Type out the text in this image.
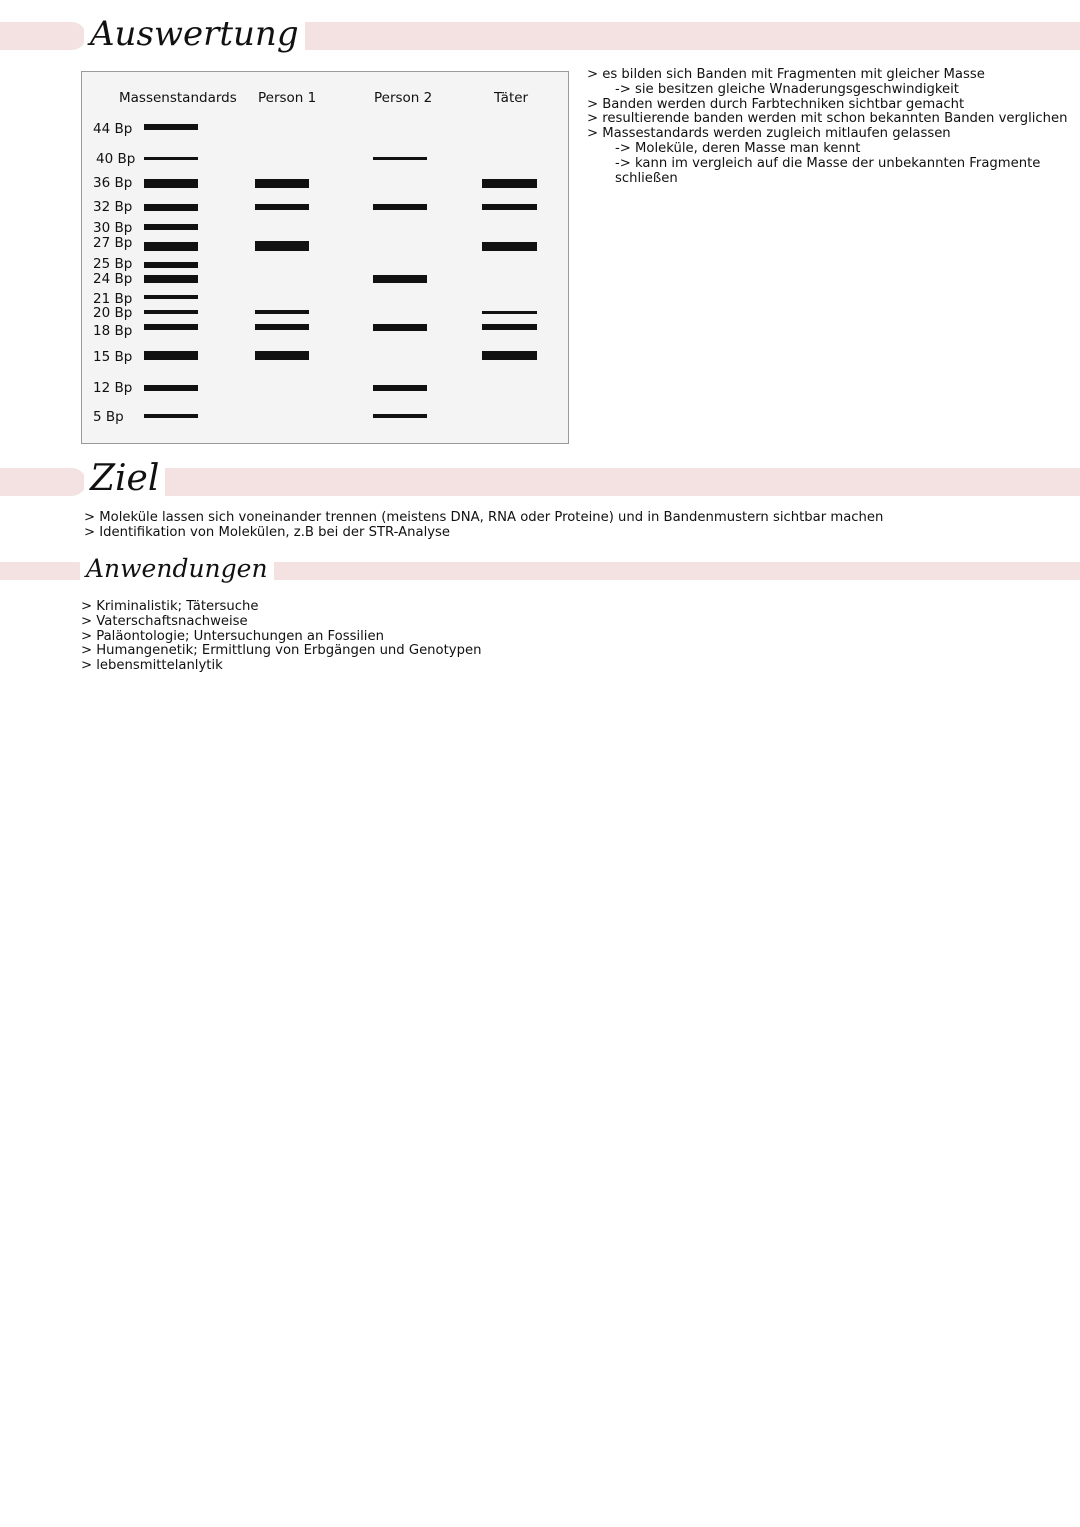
Auswertung
Massenstandards Person 1	Person 2	Täter
44 Bp
40 Bp
36 Bp
32 Bp
30 Bp
27 Bp
25 Bp
24 Bp
21 Bp
20 Bp
18 Bp
15 Bp
12 Bp
5 Bp
> es bilden sich Banden mit Fragmenten mit gleicher Masse
-> sie besitzen gleiche Wnaderungsgeschwindigkeit
> Banden werden durch Farbtechniken sichtbar gemacht
> resultierende banden werden mit schon bekannten Banden verglichen
> Massestandards werden zugleich mitlaufen gelassen
-> Moleküle, deren Masse man kennt
-> kann im vergleich auf die Masse der unbekannten Fragmente
schließen
Ziel
> Moleküle lassen sich voneinander trennen (meistens DNA, RNA oder Proteine) und in Bandenmustern sichtbar machen
> Identifikation von Molekülen, z.B bei der STR-Analyse
Anwendungen
> Kriminalistik; Tätersuche
> Vaterschaftsnachweise
> Paläontologie; Untersuchungen an Fossilien
> Humangenetik; Ermittlung von Erbgängen und Genotypen
> lebensmittelanlytik
